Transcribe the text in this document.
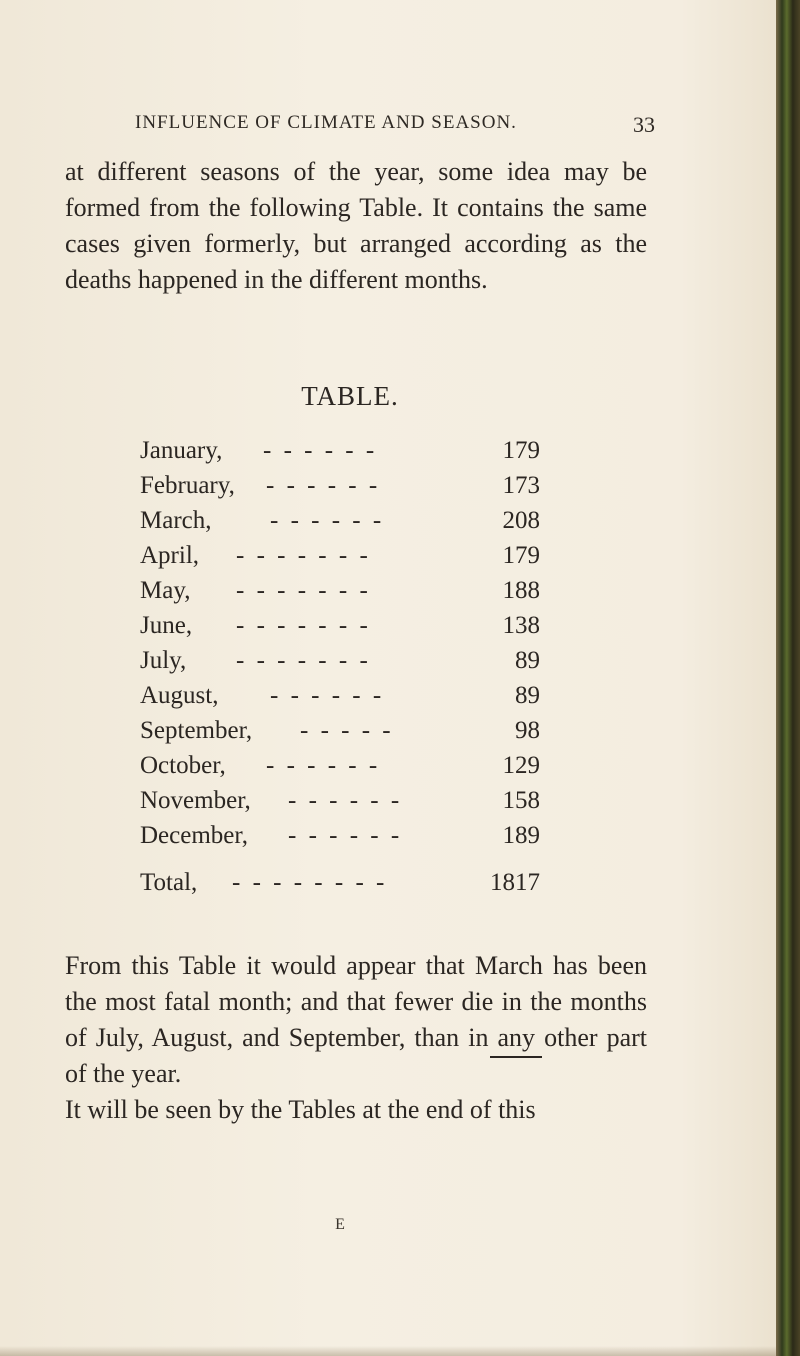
INFLUENCE OF CLIMATE AND SEASON.	33

at different seasons of the year, some idea may be formed from the following Table. It contains the same cases given formerly, but arranged according as the deaths happened in the different months.

TABLE.
January, - - - - - -	179
February, - - - - - -	173
March, - - - - - -	208
April, - - - - - - -	179
May, - - - - - - -	188
June, - - - - - - -	138
July, - - - - - - -	89
August, - - - - - -	89
September, - - - - -	98
October, - - - - - -	129
November, - - - - - -	158
December, - - - - - -	189
Total, - - - - - - - -	1817

From this Table it would appear that March has been the most fatal month; and that fewer die in the months of July, August, and September, than in any other part of the year.
It will be seen by the Tables at the end of this

E
